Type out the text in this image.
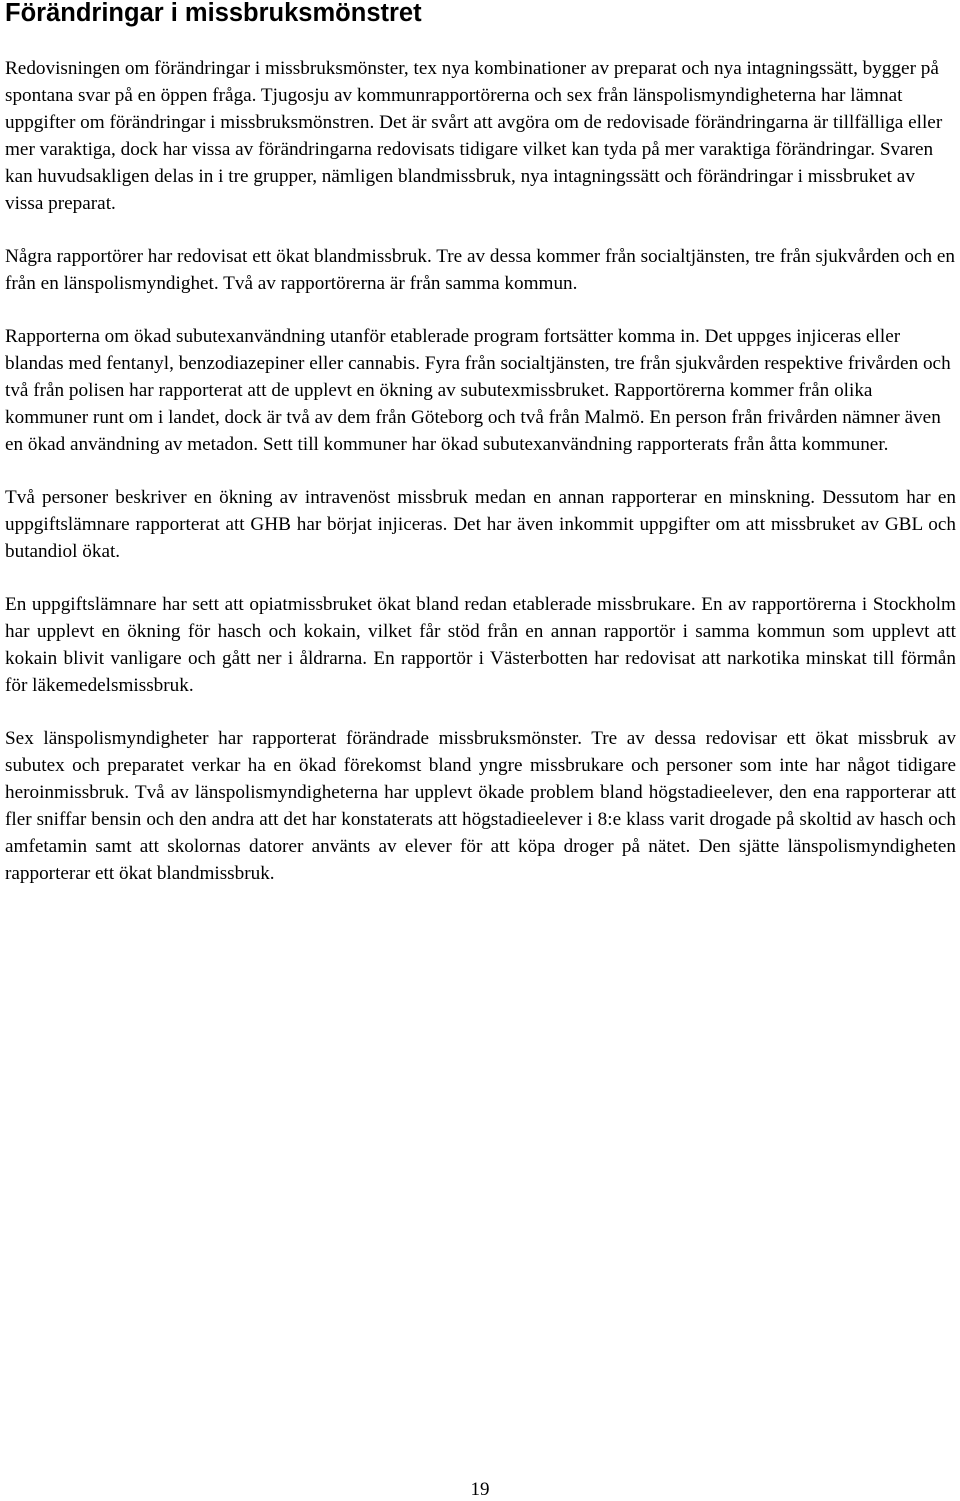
Förändringar i missbruksmönstret

Redovisningen om förändringar i missbruksmönster, tex nya kombinationer av preparat och nya intagningssätt, bygger på spontana svar på en öppen fråga. Tjugosju av kommunrapportörerna och sex från länspolismyndigheterna har lämnat uppgifter om förändringar i missbruksmönstren. Det är svårt att avgöra om de redovisade förändringarna är tillfälliga eller mer varaktiga, dock har vissa av förändringarna redovisats tidigare vilket kan tyda på mer varaktiga förändringar. Svaren kan huvudsakligen delas in i tre grupper, nämligen blandmissbruk, nya intagningssätt och förändringar i missbruket av vissa preparat.

Några rapportörer har redovisat ett ökat blandmissbruk. Tre av dessa kommer från socialtjänsten, tre från sjukvården och en från en länspolismyndighet. Två av rapportörerna är från samma kommun.

Rapporterna om ökad subutexanvändning utanför etablerade program fortsätter komma in. Det uppges injiceras eller blandas med fentanyl, benzodiazepiner eller cannabis. Fyra från socialtjänsten, tre från sjukvården respektive frivården och två från polisen har rapporterat att de upplevt en ökning av subutexmissbruket. Rapportörerna kommer från olika kommuner runt om i landet, dock är två av dem från Göteborg och två från Malmö. En person från frivården nämner även en ökad användning av metadon. Sett till kommuner har ökad subutexanvändning rapporterats från åtta kommuner.

Två personer beskriver en ökning av intravenöst missbruk medan en annan rapporterar en minskning. Dessutom har en uppgiftslämnare rapporterat att GHB har börjat injiceras. Det har även inkommit uppgifter om att missbruket av GBL och butandiol ökat.

En uppgiftslämnare har sett att opiatmissbruket ökat bland redan etablerade missbrukare. En av rapportörerna i Stockholm har upplevt en ökning för hasch och kokain, vilket får stöd från en annan rapportör i samma kommun som upplevt att kokain blivit vanligare och gått ner i åldrarna. En rapportör i Västerbotten har redovisat att narkotika minskat till förmån för läkemedelsmissbruk.

Sex länspolismyndigheter har rapporterat förändrade missbruksmönster. Tre av dessa redovisar ett ökat missbruk av subutex och preparatet verkar ha en ökad förekomst bland yngre missbrukare och personer som inte har något tidigare heroinmissbruk. Två av länspolismyndigheterna har upplevt ökade problem bland högstadieelever, den ena rapporterar att fler sniffar bensin och den andra att det har konstaterats att högstadieelever i 8:e klass varit drogade på skoltid av hasch och amfetamin samt att skolornas datorer använts av elever för att köpa droger på nätet. Den sjätte länspolismyndigheten rapporterar ett ökat blandmissbruk.

19
